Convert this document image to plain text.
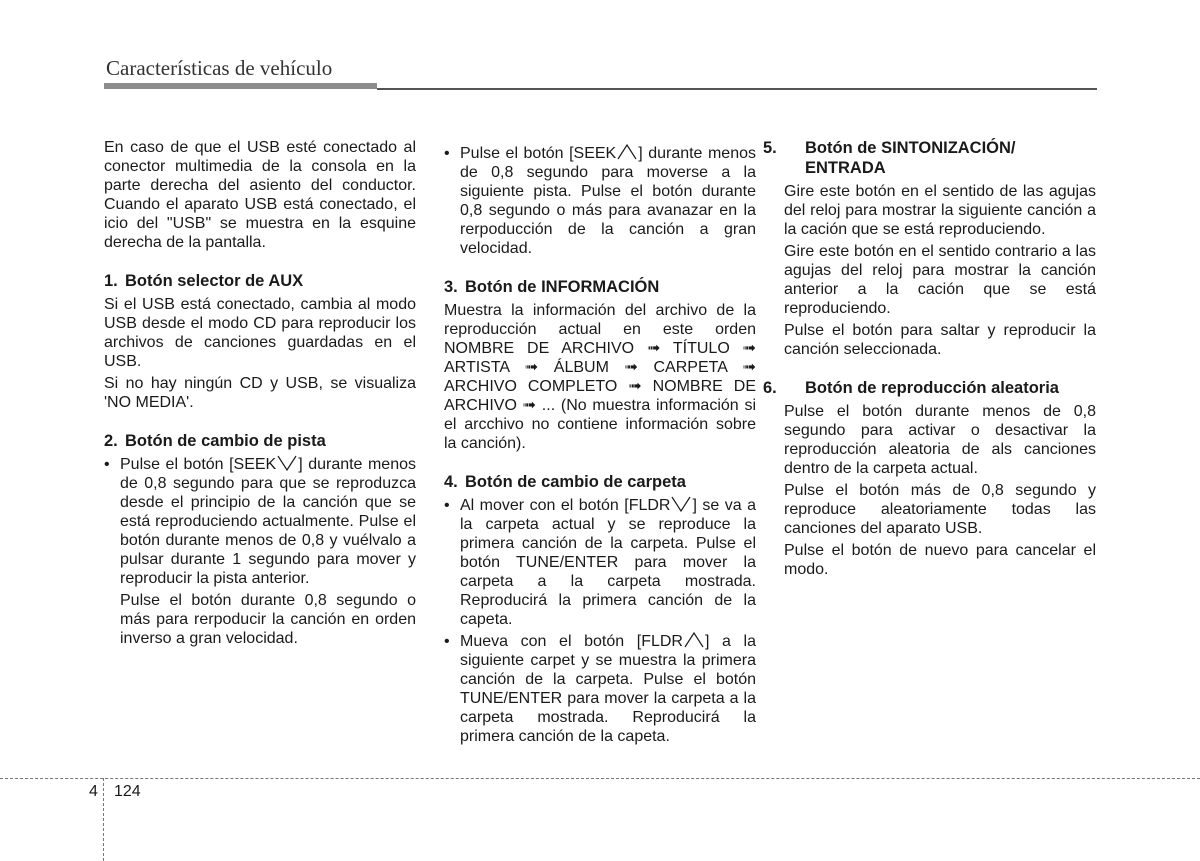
Características de vehículo

En caso de que el USB esté conectado al conector multimedia de la consola en la parte derecha del asiento del conductor. Cuando el aparato USB está conectado, el icio del "USB" se muestra en la esquine derecha de la pantalla.

1. Botón selector de AUX

Si el USB está conectado, cambia al modo USB desde el modo CD para reproducir los archivos de canciones guardadas en el USB.

Si no hay ningún CD y USB, se visualiza 'NO MEDIA'.

2. Botón de cambio de pista
• Pulse el botón [SEEK ] durante menos de 0,8 segundo para que se reproduzca desde el principio de la canción que se está reproduciendo actualmente. Pulse el botón durante menos de 0,8 y vuélvalo a pulsar durante 1 segundo para mover y reproducir la pista anterior.

Pulse el botón durante 0,8 segundo o más para rerpoducir la canción en orden inverso a gran velocidad.

• Pulse el botón [SEEK ] durante menos de 0,8 segundo para moverse a la siguiente pista. Pulse el botón durante 0,8 segundo o más para avanazar en la rerpoducción de la canción a gran velocidad.
3. Botón de INFORMACIÓN

Muestra la información del archivo de la reproducción actual en este orden NOMBRE DE ARCHIVO ➟ TÍTULO ➟ ARTISTA ➟ ÁLBUM ➟ CARPETA ➟ ARCHIVO COMPLETO ➟ NOMBRE DE ARCHIVO ➟ ... (No muestra información si el arcchivo no contiene información sobre la canción).

4. Botón de cambio de carpeta
• Al mover con el botón [FLDR ] se va a la carpeta actual y se reproduce la primera canción de la carpeta. Pulse el botón TUNE/ENTER para mover la carpeta a la carpeta mostrada. Reproducirá la primera canción de la capeta.
• Mueva con el botón [FLDR ] a la siguiente carpet y se muestra la primera canción de la carpeta. Pulse el botón TUNE/ENTER para mover la carpeta a la carpeta mostrada. Reproducirá la primera canción de la capeta.
5. Botón de SINTONIZACIÓN/ ENTRADA

Gire este botón en el sentido de las agujas del reloj para mostrar la siguiente canción a la cación que se está reproduciendo.

Gire este botón en el sentido contrario a las agujas del reloj para mostrar la canción anterior a la cación que se está reproduciendo.

Pulse el botón para saltar y reproducir la canción seleccionada.

6. Botón de reproducción aleatoria

Pulse el botón durante menos de 0,8 segundo para activar o desactivar la reproducción aleatoria de als canciones dentro de la carpeta actual.

Pulse el botón más de 0,8 segundo y reproduce aleatoriamente todas las canciones del aparato USB.

Pulse el botón de nuevo para cancelar el modo.

4 124
